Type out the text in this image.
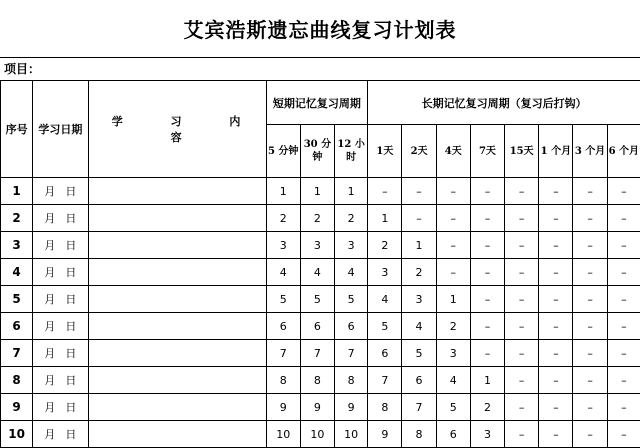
艾宾浩斯遗忘曲线复习计划表
项目：
序号	学习日期	学 习 内 容	短期记忆复习周期			长期记忆复习周期（复习后打钩）							
			5 分钟	30 分钟	12 小时	1天	2天	4天	7天	15天	1 个月	3 个月	6 个月
1	月 日		1	1	1	–	–	–	–	–	–	–	–
2	月 日		2	2	2	1	–	–	–	–	–	–	–
3	月 日		3	3	3	2	1	–	–	–	–	–	–
4	月 日		4	4	4	3	2	–	–	–	–	–	–
5	月 日		5	5	5	4	3	1	–	–	–	–	–
6	月 日		6	6	6	5	4	2	–	–	–	–	–
7	月 日		7	7	7	6	5	3	–	–	–	–	–
8	月 日		8	8	8	7	6	4	1	–	–	–	–
9	月 日		9	9	9	8	7	5	2	–	–	–	–
10	月 日		10	10	10	9	8	6	3	–	–	–	–
